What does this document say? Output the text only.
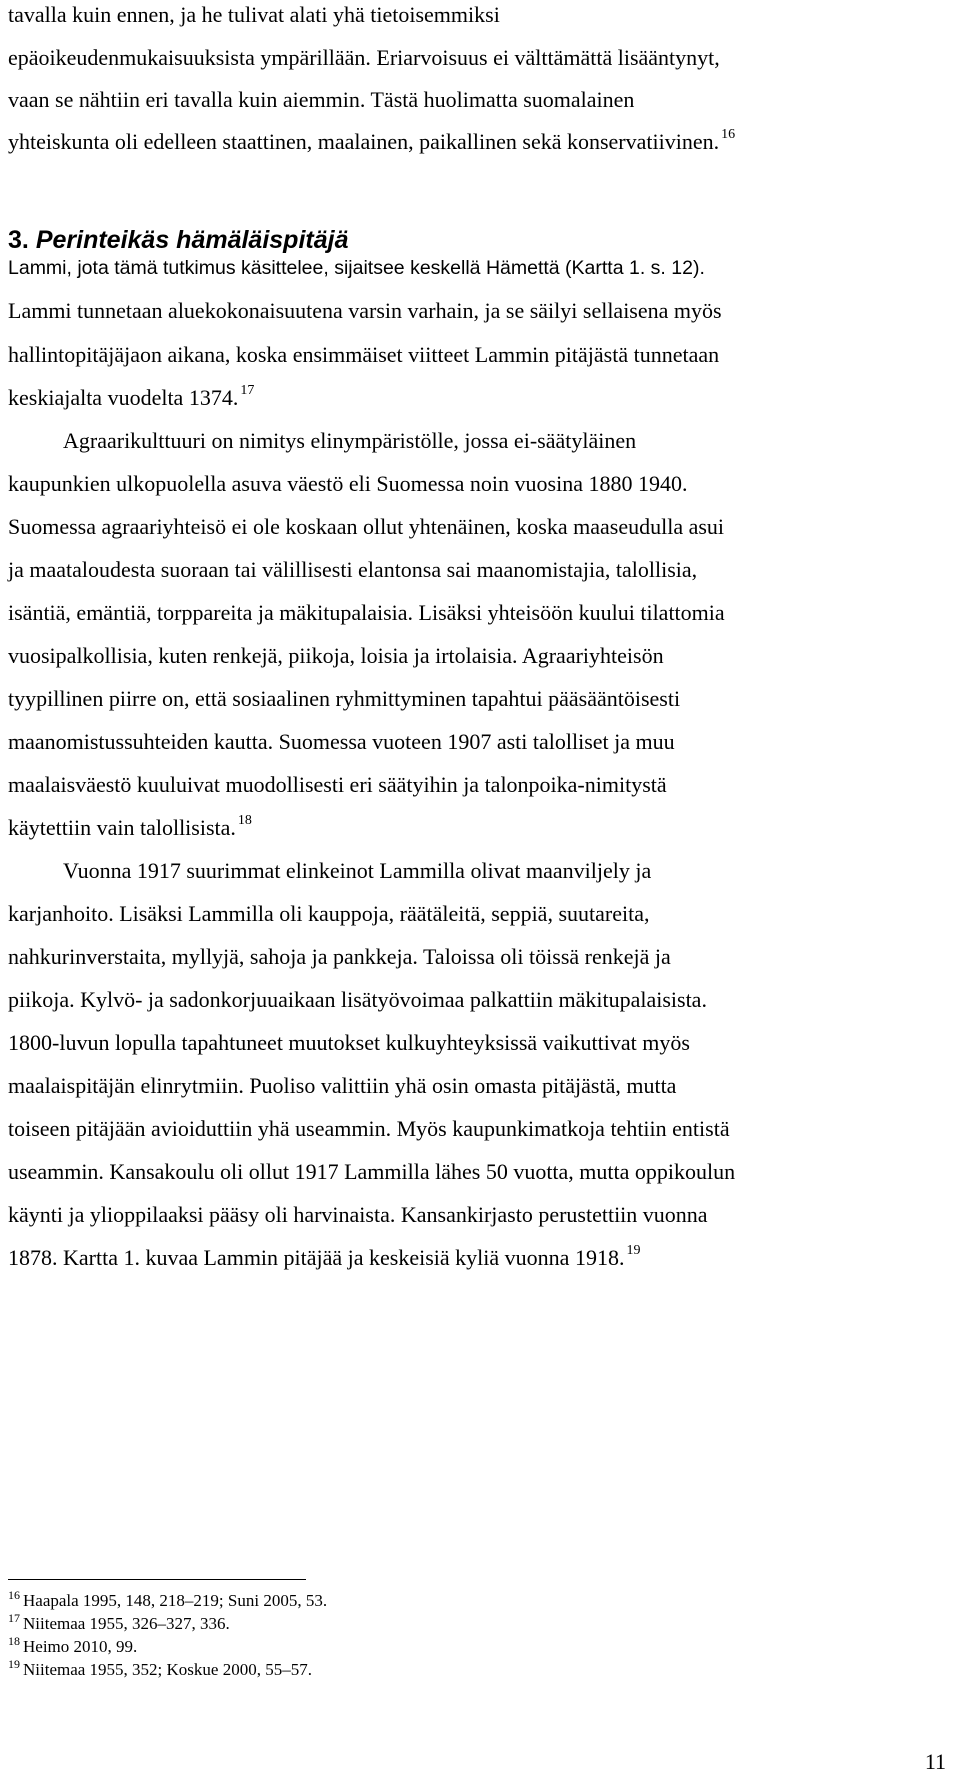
tavalla kuin ennen, ja he tulivat alati yhä tietoisemmiksi
epäoikeudenmukaisuuksista ympärillään. Eriarvoisuus ei välttämättä lisääntynyt,
vaan se nähtiin eri tavalla kuin aiemmin. Tästä huolimatta suomalainen
yhteiskunta oli edelleen staattinen, maalainen, paikallinen sekä konservatiivinen. $^{16}$
3. Perinteikäs hämäläispitäjä
Lammi, jota tämä tutkimus käsittelee, sijaitsee keskellä Hämettä (Kartta 1. s. 12).
Lammi tunnetaan aluekokonaisuutena varsin varhain, ja se säilyi sellaisena myös
hallintopitäjäjaon aikana, koska ensimmäiset viitteet Lammin pitäjästä tunnetaan
keskiajalta vuodelta 1374. $^{17}$
Agraarikulttuuri on nimitys elinympäristölle, jossa ei-säätyläinen
kaupunkien ulkopuolella asuva väestö eli Suomessa noin vuosina 1880 1940.
Suomessa agraariyhteisö ei ole koskaan ollut yhtenäinen, koska maaseudulla asui
ja maataloudesta suoraan tai välillisesti elantonsa sai maanomistajia, talollisia,
isäntiä, emäntiä, torppareita ja mäkitupalaisia. Lisäksi yhteisöön kuului tilattomia
vuosipalkollisia, kuten renkejä, piikoja, loisia ja irtolaisia. Agraariyhteisön
tyypillinen piirre on, että sosiaalinen ryhmittyminen tapahtui pääsääntöisesti
maanomistussuhteiden kautta. Suomessa vuoteen 1907 asti talolliset ja muu
maalaisväestö kuuluivat muodollisesti eri säätyihin ja talonpoika-nimitystä
käytettiin vain talollisista. $^{18}$
Vuonna 1917 suurimmat elinkeinot Lammilla olivat maanviljely ja
karjanhoito. Lisäksi Lammilla oli kauppoja, räätäleitä, seppiä, suutareita,
nahkurinverstaita, myllyjä, sahoja ja pankkeja. Taloissa oli töissä renkejä ja
piikoja. Kylvö- ja sadonkorjuuaikaan lisätyövoimaa palkattiin mäkitupalaisista.
1800-luvun lopulla tapahtuneet muutokset kulkuyhteyksissä vaikuttivat myös
maalaispitäjän elinrytmiin. Puoliso valittiin yhä osin omasta pitäjästä, mutta
toiseen pitäjään avioiduttiin yhä useammin. Myös kaupunkimatkoja tehtiin entistä
useammin. Kansakoulu oli ollut 1917 Lammilla lähes 50 vuotta, mutta oppikoulun
käynti ja ylioppilaaksi pääsy oli harvinaista. Kansankirjasto perustettiin vuonna
1878. Kartta 1. kuvaa Lammin pitäjää ja keskeisiä kyliä vuonna 1918. $^{19}$
$^{16}$ Haapala 1995, 148, 218–219; Suni 2005, 53.
$^{17}$ Niitemaa 1955, 326–327, 336.
$^{18}$ Heimo 2010, 99.
$^{19}$ Niitemaa 1955, 352; Koskue 2000, 55–57.
11
